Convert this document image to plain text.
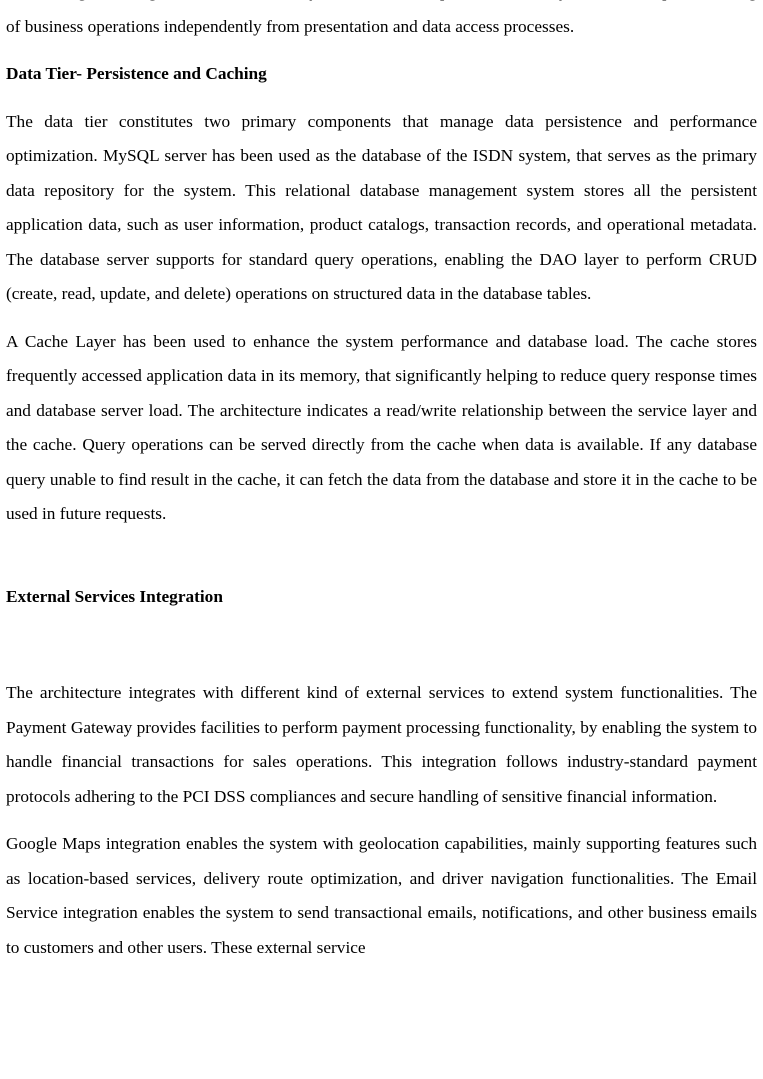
of business operations independently from presentation and data access processes.

Data Tier- Persistence and Caching

The data tier constitutes two primary components that manage data persistence and performance optimization. MySQL server has been used as the database of the ISDN system, that serves as the primary data repository for the system. This relational database management system stores all the persistent application data, such as user information, product catalogs, transaction records, and operational metadata. The database server supports for standard query operations, enabling the DAO layer to perform CRUD (create, read, update, and delete) operations on structured data in the database tables.

A Cache Layer has been used to enhance the system performance and database load. The cache stores frequently accessed application data in its memory, that significantly helping to reduce query response times and database server load. The architecture indicates a read/write relationship between the service layer and the cache. Query operations can be served directly from the cache when data is available. If any database query unable to find result in the cache, it can fetch the data from the database and store it in the cache to be used in future requests.

External Services Integration

The architecture integrates with different kind of external services to extend system functionalities. The Payment Gateway provides facilities to perform payment processing functionality, by enabling the system to handle financial transactions for sales operations. This integration follows industry-standard payment protocols adhering to the PCI DSS compliances and secure handling of sensitive financial information.

Google Maps integration enables the system with geolocation capabilities, mainly supporting features such as location-based services, delivery route optimization, and driver navigation functionalities. The Email Service integration enables the system to send transactional emails, notifications, and other business emails to customers and other users. These external service
